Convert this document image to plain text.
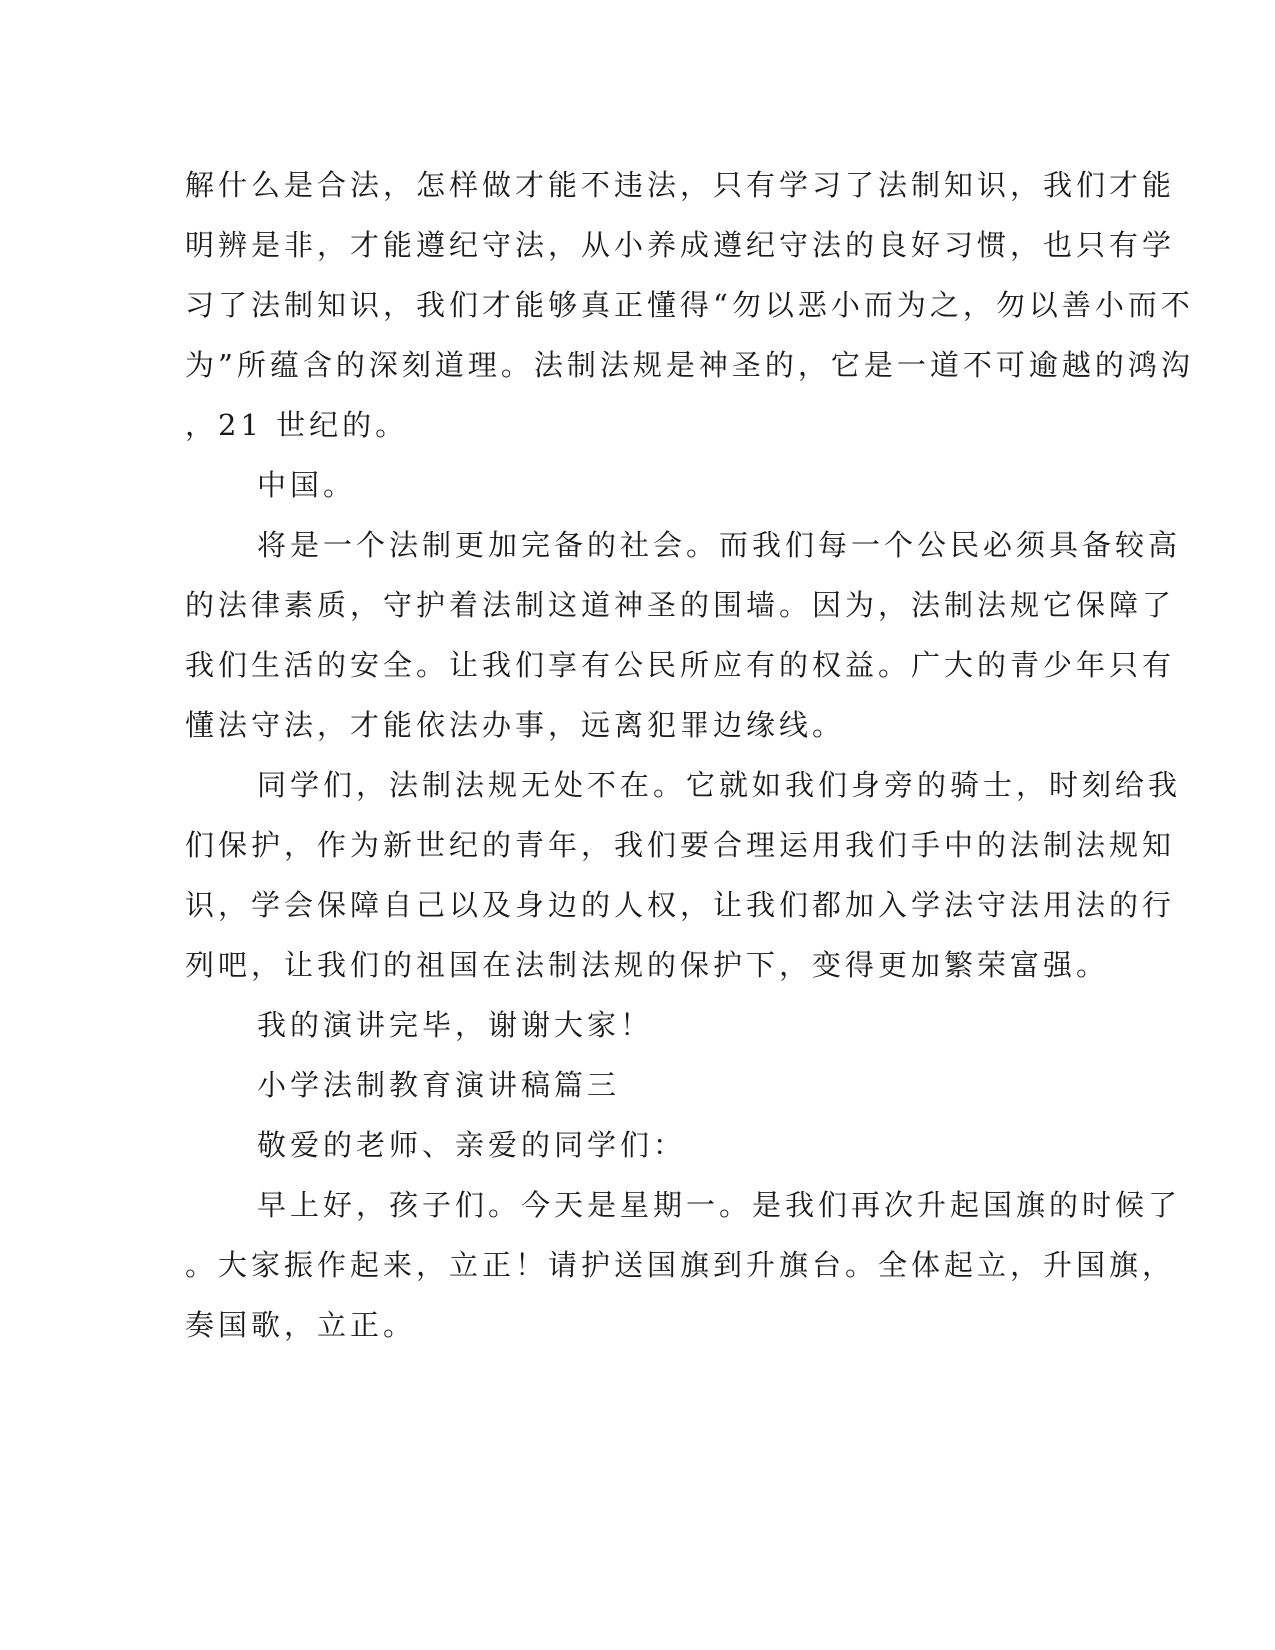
解什么是合法，怎样做才能不违法，只有学习了法制知识，我们才能
明辨是非，才能遵纪守法，从小养成遵纪守法的良好习惯，也只有学
习了法制知识，我们才能够真正懂得“勿以恶小而为之，勿以善小而不
为”所蕴含的深刻道理。法制法规是神圣的，它是一道不可逾越的鸿沟
，21 世纪的。
中国。
将是一个法制更加完备的社会。而我们每一个公民必须具备较高
的法律素质，守护着法制这道神圣的围墙。因为，法制法规它保障了
我们生活的安全。让我们享有公民所应有的权益。广大的青少年只有
懂法守法，才能依法办事，远离犯罪边缘线。
同学们，法制法规无处不在。它就如我们身旁的骑士，时刻给我
们保护，作为新世纪的青年，我们要合理运用我们手中的法制法规知
识，学会保障自己以及身边的人权，让我们都加入学法守法用法的行
列吧，让我们的祖国在法制法规的保护下，变得更加繁荣富强。
我的演讲完毕，谢谢大家！
小学法制教育演讲稿篇三
敬爱的老师、亲爱的同学们：
早上好，孩子们。今天是星期一。是我们再次升起国旗的时候了
。大家振作起来，立正！请护送国旗到升旗台。全体起立，升国旗，
奏国歌，立正。
